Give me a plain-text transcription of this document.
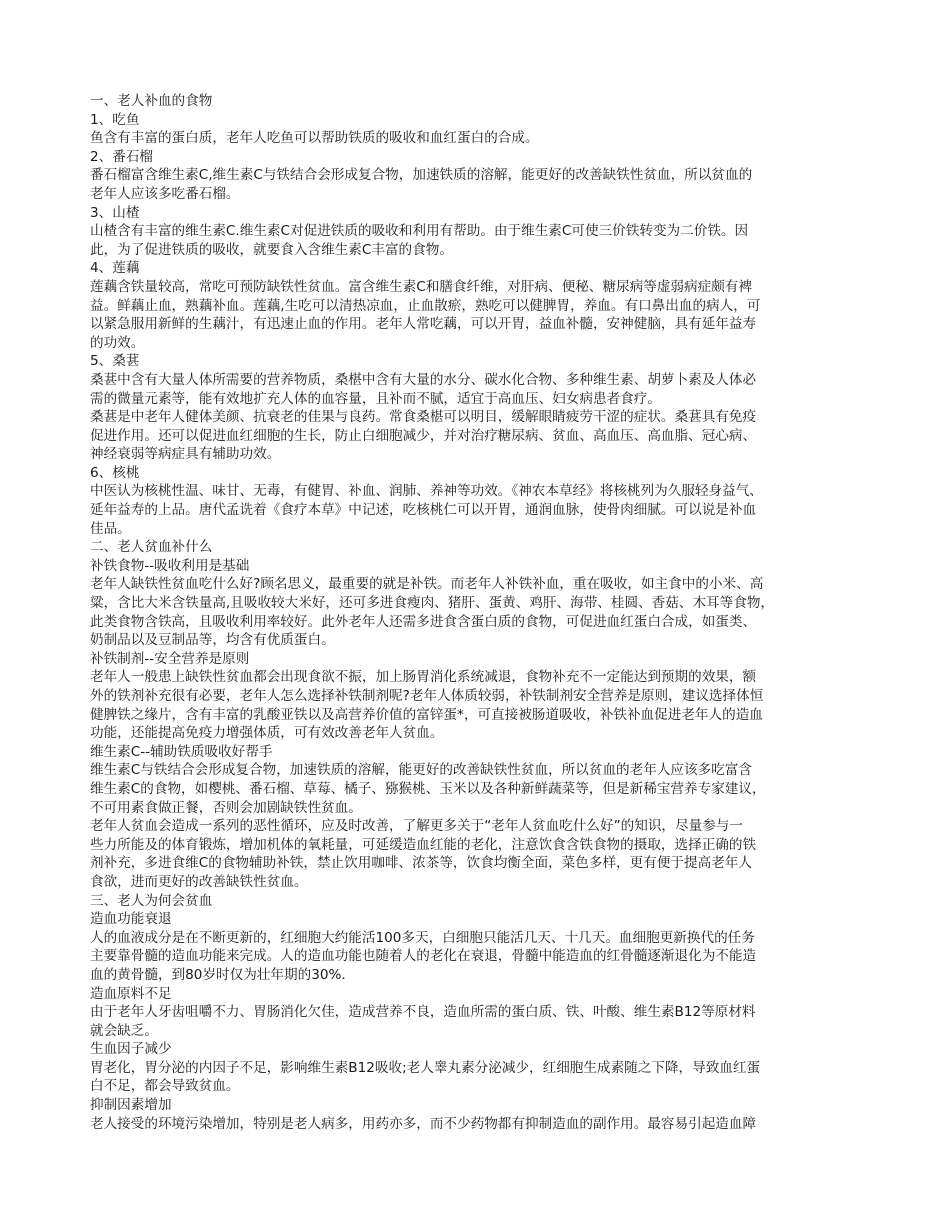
一、老人补血的食物
1、吃鱼
鱼含有丰富的蛋白质，老年人吃鱼可以帮助铁质的吸收和血红蛋白的合成。
2、番石榴
番石榴富含维生素C,维生素C与铁结合会形成复合物，加速铁质的溶解，能更好的改善缺铁性贫血，所以贫血的
老年人应该多吃番石榴。
3、山楂
山楂含有丰富的维生素C.维生素C对促进铁质的吸收和利用有帮助。由于维生素C可使三价铁转变为二价铁。因
此，为了促进铁质的吸收，就要食入含维生素C丰富的食物。
4、莲藕
莲藕含铁量较高，常吃可预防缺铁性贫血。富含维生素C和膳食纤维，对肝病、便秘、糖尿病等虚弱病症颇有裨
益。鲜藕止血，熟藕补血。莲藕,生吃可以清热凉血，止血散瘀，熟吃可以健脾胃，养血。有口鼻出血的病人，可
以紧急服用新鲜的生藕汁，有迅速止血的作用。老年人常吃藕，可以开胃，益血补髓，安神健脑，具有延年益寿
的功效。
5、桑葚
桑葚中含有大量人体所需要的营养物质，桑椹中含有大量的水分、碳水化合物、多种维生素、胡萝卜素及人体必
需的微量元素等，能有效地扩充人体的血容量，且补而不腻，适宜于高血压、妇女病患者食疗。
桑葚是中老年人健体美颜、抗衰老的佳果与良药。常食桑椹可以明目，缓解眼睛疲劳干涩的症状。桑葚具有免疫
促进作用。还可以促进血红细胞的生长，防止白细胞减少，并对治疗糖尿病、贫血、高血压、高血脂、冠心病、
神经衰弱等病症具有辅助功效。
6、核桃
中医认为核桃性温、味甘、无毒，有健胃、补血、润肺、养神等功效。《神农本草经》将核桃列为久服轻身益气、
延年益寿的上品。唐代孟诜着《食疗本草》中记述，吃核桃仁可以开胃，通润血脉，使骨肉细腻。可以说是补血
佳品。
二、老人贫血补什么
补铁食物--吸收利用是基础
老年人缺铁性贫血吃什么好?顾名思义，最重要的就是补铁。而老年人补铁补血，重在吸收，如主食中的小米、高
粱，含比大米含铁量高,且吸收较大米好，还可多进食瘦肉、猪肝、蛋黄、鸡肝、海带、桂圆、香菇、木耳等食物，
此类食物含铁高，且吸收利用率较好。此外老年人还需多进食含蛋白质的食物，可促进血红蛋白合成，如蛋类、
奶制品以及豆制品等，均含有优质蛋白。
补铁制剂--安全营养是原则
老年人一般患上缺铁性贫血都会出现食欲不振，加上肠胃消化系统减退，食物补充不一定能达到预期的效果，额
外的铁剂补充很有必要，老年人怎么选择补铁制剂呢?老年人体质较弱，补铁制剂安全营养是原则，建议选择体恒
健脾铁之缘片，含有丰富的乳酸亚铁以及高营养价值的富锌蛋*，可直接被肠道吸收，补铁补血促进老年人的造血
功能，还能提高免疫力增强体质，可有效改善老年人贫血。
维生素C--辅助铁质吸收好帮手
维生素C与铁结合会形成复合物，加速铁质的溶解，能更好的改善缺铁性贫血，所以贫血的老年人应该多吃富含
维生素C的食物，如樱桃、番石榴、草莓、橘子、猕猴桃、玉米以及各种新鲜蔬菜等，但是新稀宝营养专家建议，
不可用素食做正餐，否则会加剧缺铁性贫血。
老年人贫血会造成一系列的恶性循环，应及时改善，了解更多关于“老年人贫血吃什么好”的知识，尽量参与一
些力所能及的体育锻炼，增加机体的氧耗量，可延缓造血红能的老化，注意饮食含铁食物的摄取，选择正确的铁
剂补充，多进食维C的食物辅助补铁，禁止饮用咖啡、浓茶等，饮食均衡全面，菜色多样，更有便于提高老年人
食欲，进而更好的改善缺铁性贫血。
三、老人为何会贫血
造血功能衰退
人的血液成分是在不断更新的，红细胞大约能活100多天，白细胞只能活几天、十几天。血细胞更新换代的任务
主要靠骨髓的造血功能来完成。人的造血功能也随着人的老化在衰退，骨髓中能造血的红骨髓逐渐退化为不能造
血的黄骨髓，到80岁时仅为壮年期的30%.
造血原料不足
由于老年人牙齿咀嚼不力、胃肠消化欠佳，造成营养不良，造血所需的蛋白质、铁、叶酸、维生素B12等原材料
就会缺乏。
生血因子减少
胃老化，胃分泌的内因子不足，影响维生素B12吸收;老人睾丸素分泌减少，红细胞生成素随之下降，导致血红蛋
白不足，都会导致贫血。
抑制因素增加
老人接受的环境污染增加，特别是老人病多，用药亦多，而不少药物都有抑制造血的副作用。最容易引起造血障
